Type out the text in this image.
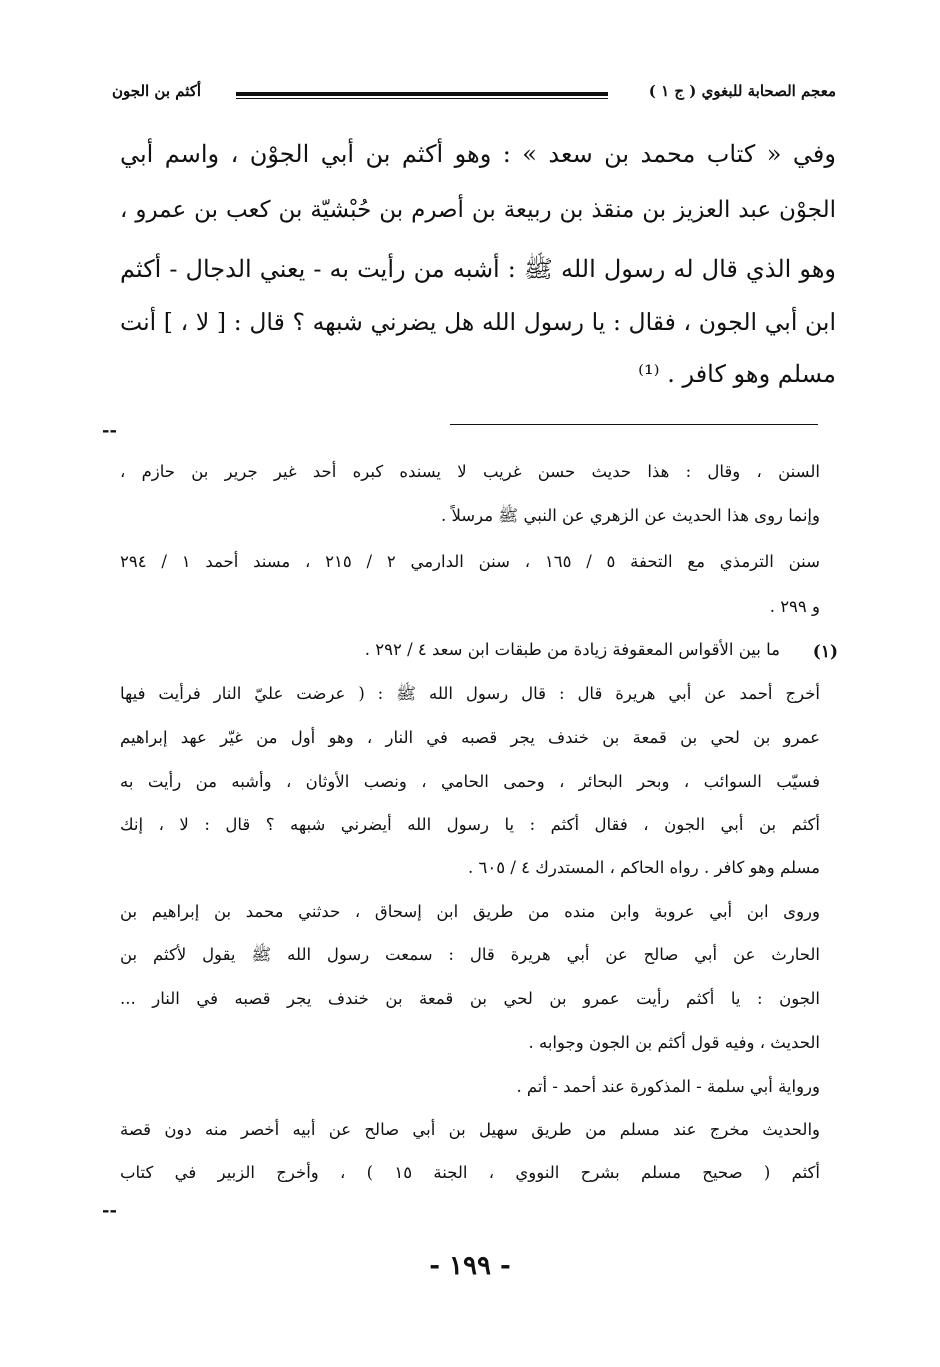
معجم الصحابة للبغوي ( ج ١ )
أكثم بن الجون
وفي « كتاب محمد بن سعد » : وهو أكثم بن أبي الجوْن ، واسم أبي
الجوْن عبد العزيز بن منقذ بن ربيعة بن أصرم بن حُبْشيّة بن كعب بن عمرو ،
وهو الذي قال له رسول الله ﷺ : أشبه من رأيت به - يعني الدجال - أكثم
ابن أبي الجون ، فقال : يا رسول الله هل يضرني شبهه ؟ قال : [ لا ، ] أنت
مسلم وهو كافر . ⁽¹⁾
--
السنن ، وقال : هذا حديث حسن غريب لا يسنده كبره أحد غير جرير بن حازم ،
وإنما روى هذا الحديث عن الزهري عن النبي ﷺ مرسلاً .
سنن الترمذي مع التحفة ٥ / ١٦٥ ، سنن الدارمي ٢ / ٢١٥ ، مسند أحمد ١ / ٢٩٤
و ٢٩٩ .
(١)
ما بين الأقواس المعقوفة زيادة من طبقات ابن سعد ٤ / ٢٩٢ .
أخرج أحمد عن أبي هريرة قال : قال رسول الله ﷺ : ( عرضت عليّ النار فرأيت فيها
عمرو بن لحي بن قمعة بن خندف يجر قصبه في النار ، وهو أول من غيّر عهد إبراهيم
فسيّب السوائب ، وبحر البحائر ، وحمى الحامي ، ونصب الأوثان ، وأشبه من رأيت به
أكثم بن أبي الجون ، فقال أكثم : يا رسول الله أيضرني شبهه ؟ قال : لا ، إنك
مسلم وهو كافر . رواه الحاكم ، المستدرك ٤ / ٦٠٥ .
وروى ابن أبي عروبة وابن منده من طريق ابن إسحاق ، حدثني محمد بن إبراهيم بن
الحارث عن أبي صالح عن أبي هريرة قال : سمعت رسول الله ﷺ يقول لأكثم بن
الجون : يا أكثم رأيت عمرو بن لحي بن قمعة بن خندف يجر قصبه في النار ...
الحديث ، وفيه قول أكثم بن الجون وجوابه .
ورواية أبي سلمة - المذكورة عند أحمد - أتم .
والحديث مخرج عند مسلم من طريق سهيل بن أبي صالح عن أبيه أخصر منه دون قصة
أكثم ( صحيح مسلم بشرح النووي ، الجنة ١٥ ) ، وأخرج الزبير في كتاب
--
- ١٩٩ -
